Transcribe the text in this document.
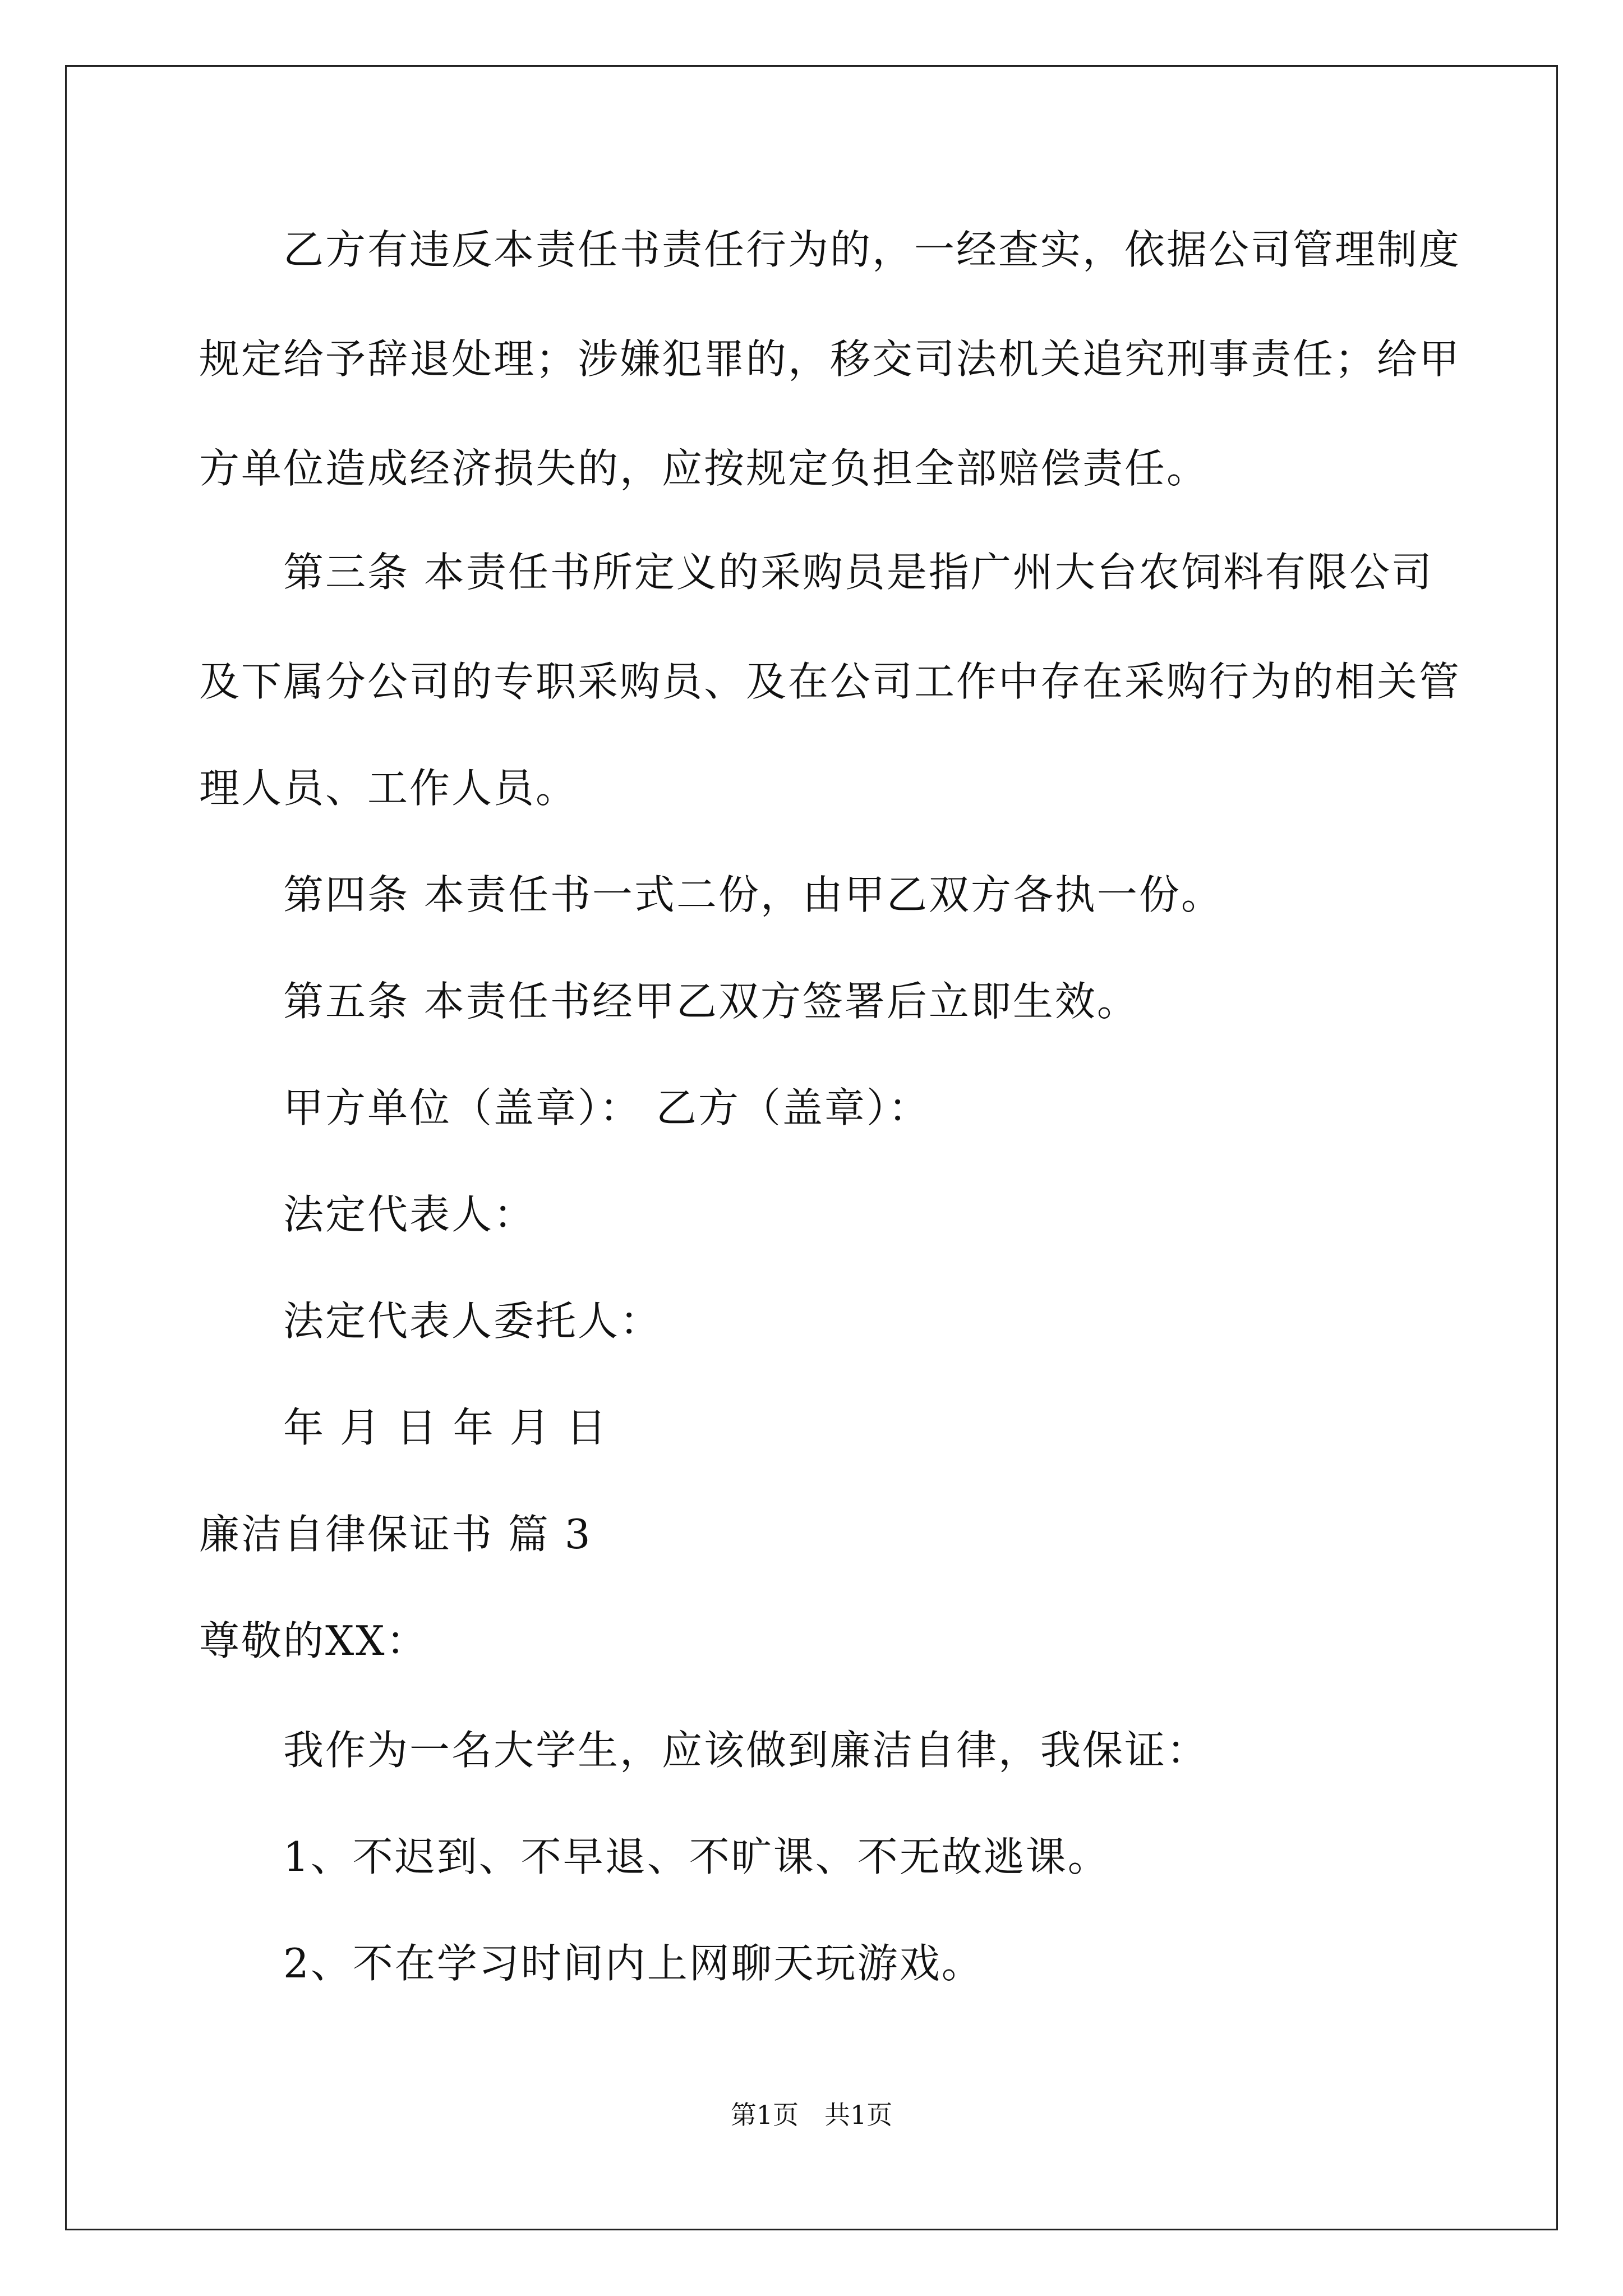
乙方有违反本责任书责任行为的，一经查实，依据公司管理制度
规定给予辞退处理；涉嫌犯罪的，移交司法机关追究刑事责任；给甲
方单位造成经济损失的，应按规定负担全部赔偿责任。
第三条 本责任书所定义的采购员是指广州大台农饲料有限公司
及下属分公司的专职采购员、及在公司工作中存在采购行为的相关管
理人员、工作人员。
第四条 本责任书一式二份，由甲乙双方各执一份。
第五条 本责任书经甲乙双方签署后立即生效。
甲方单位（盖章）： 乙方（盖章）：
法定代表人：
法定代表人委托人：
年 月 日 年 月 日
廉洁自律保证书 篇 3
尊敬的XX：
我作为一名大学生，应该做到廉洁自律，我保证：
1、不迟到、不早退、不旷课、不无故逃课。
2、不在学习时间内上网聊天玩游戏。
第1页　共1页
